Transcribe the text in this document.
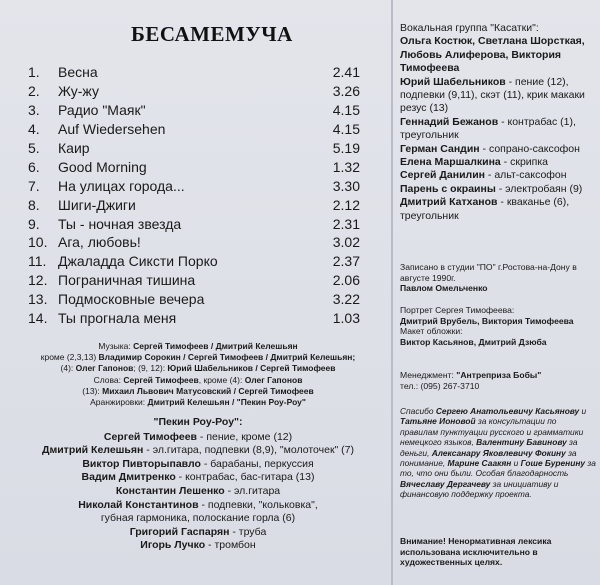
БЕСАМЕМУЧА
1.	Весна	2.41
2.	Жу-жу	3.26
3.	Радио "Маяк"	4.15
4.	Auf Wiedersehen	4.15
5.	Каир	5.19
6.	Good Morning	1.32
7.	На улицах города...	3.30
8.	Шиги-Джиги	2.12
9.	Ты - ночная звезда	2.31
10. Ага, любовь!	3.02
11. Джаладда Сиксти Порко	2.37
12. Пограничная тишина	2.06
13. Подмосковные вечера	3.22
14. Ты прогнала меня	1.03
Музыка: Сергей Тимофеев / Дмитрий Келешьян
кроме (2,3,13) Владимир Сорокин / Сергей Тимофеев / Дмитрий Келешьян;
(4): Олег Гапонов; (9, 12): Юрий Шабельников / Сергей Тимофеев
Слова: Сергей Тимофеев, кроме (4): Олег Гапонов
(13): Михаил Львович Матусовский / Сергей Тимофеев
Аранжировки: Дмитрий Келешьян / "Пекин Роу-Роу"
"Пекин Роу-Роу":
Сергей Тимофеев - пение, кроме (12)
Дмитрий Келешьян - эл.гитара, подпевки (8,9), "молоточек" (7)
Виктор Пивторыпавло - барабаны, перкуссия
Вадим Дмитренко - контрабас, бас-гитара (13)
Константин Лешенко - эл.гитара
Николай Константинов - подпевки, "кольковка",
губная гармоника, полоскание горла (6)
Григорий Гаспарян - труба
Игорь Лучко - тромбон
Вокальная группа "Касатки":
Ольга Костюк, Светлана Шорсткая, Любовь Алиферова, Виктория Тимофеева
Юрий Шабельников - пение (12), подпевки (9,11), скэт (11), крик макаки резус (13)
Геннадий Бежанов - контрабас (1), треугольник
Герман Сандин - сопрано-саксофон
Елена Маршалкина - скрипка
Сергей Данилин - альт-саксофон
Парень с окраины - электробаян (9)
Дмитрий Катханов - кваканье (6), треугольник
Записано в студии "ПО" г.Ростова-на-Дону в августе 1990г.
Павлом Омельченко
Портрет Сергея Тимофеева:
Дмитрий Врубель, Виктория Тимофеева
Макет обложки:
Виктор Касьянов, Дмитрий Дзюба
Менеджмент: "Антрепризa Бобы"
тел.: (095) 267-3710
Спасибо Сергею Анатольевичу Касьянову и Татьяне Ионовой за консультации по правилам пунктуации русского и грамматики немецкого языков, Валентину Бавинову за деньги, Алексанару Яковлевичу Фокину за понимание, Марине Саакян и Гоше Буренину за то, что они были. Особая благодарность Вячеславу Дергачеву за инициативу и финансовую поддержку проекта.
Внимание! Ненормативная лексика использована исключительно в художественных целях.
